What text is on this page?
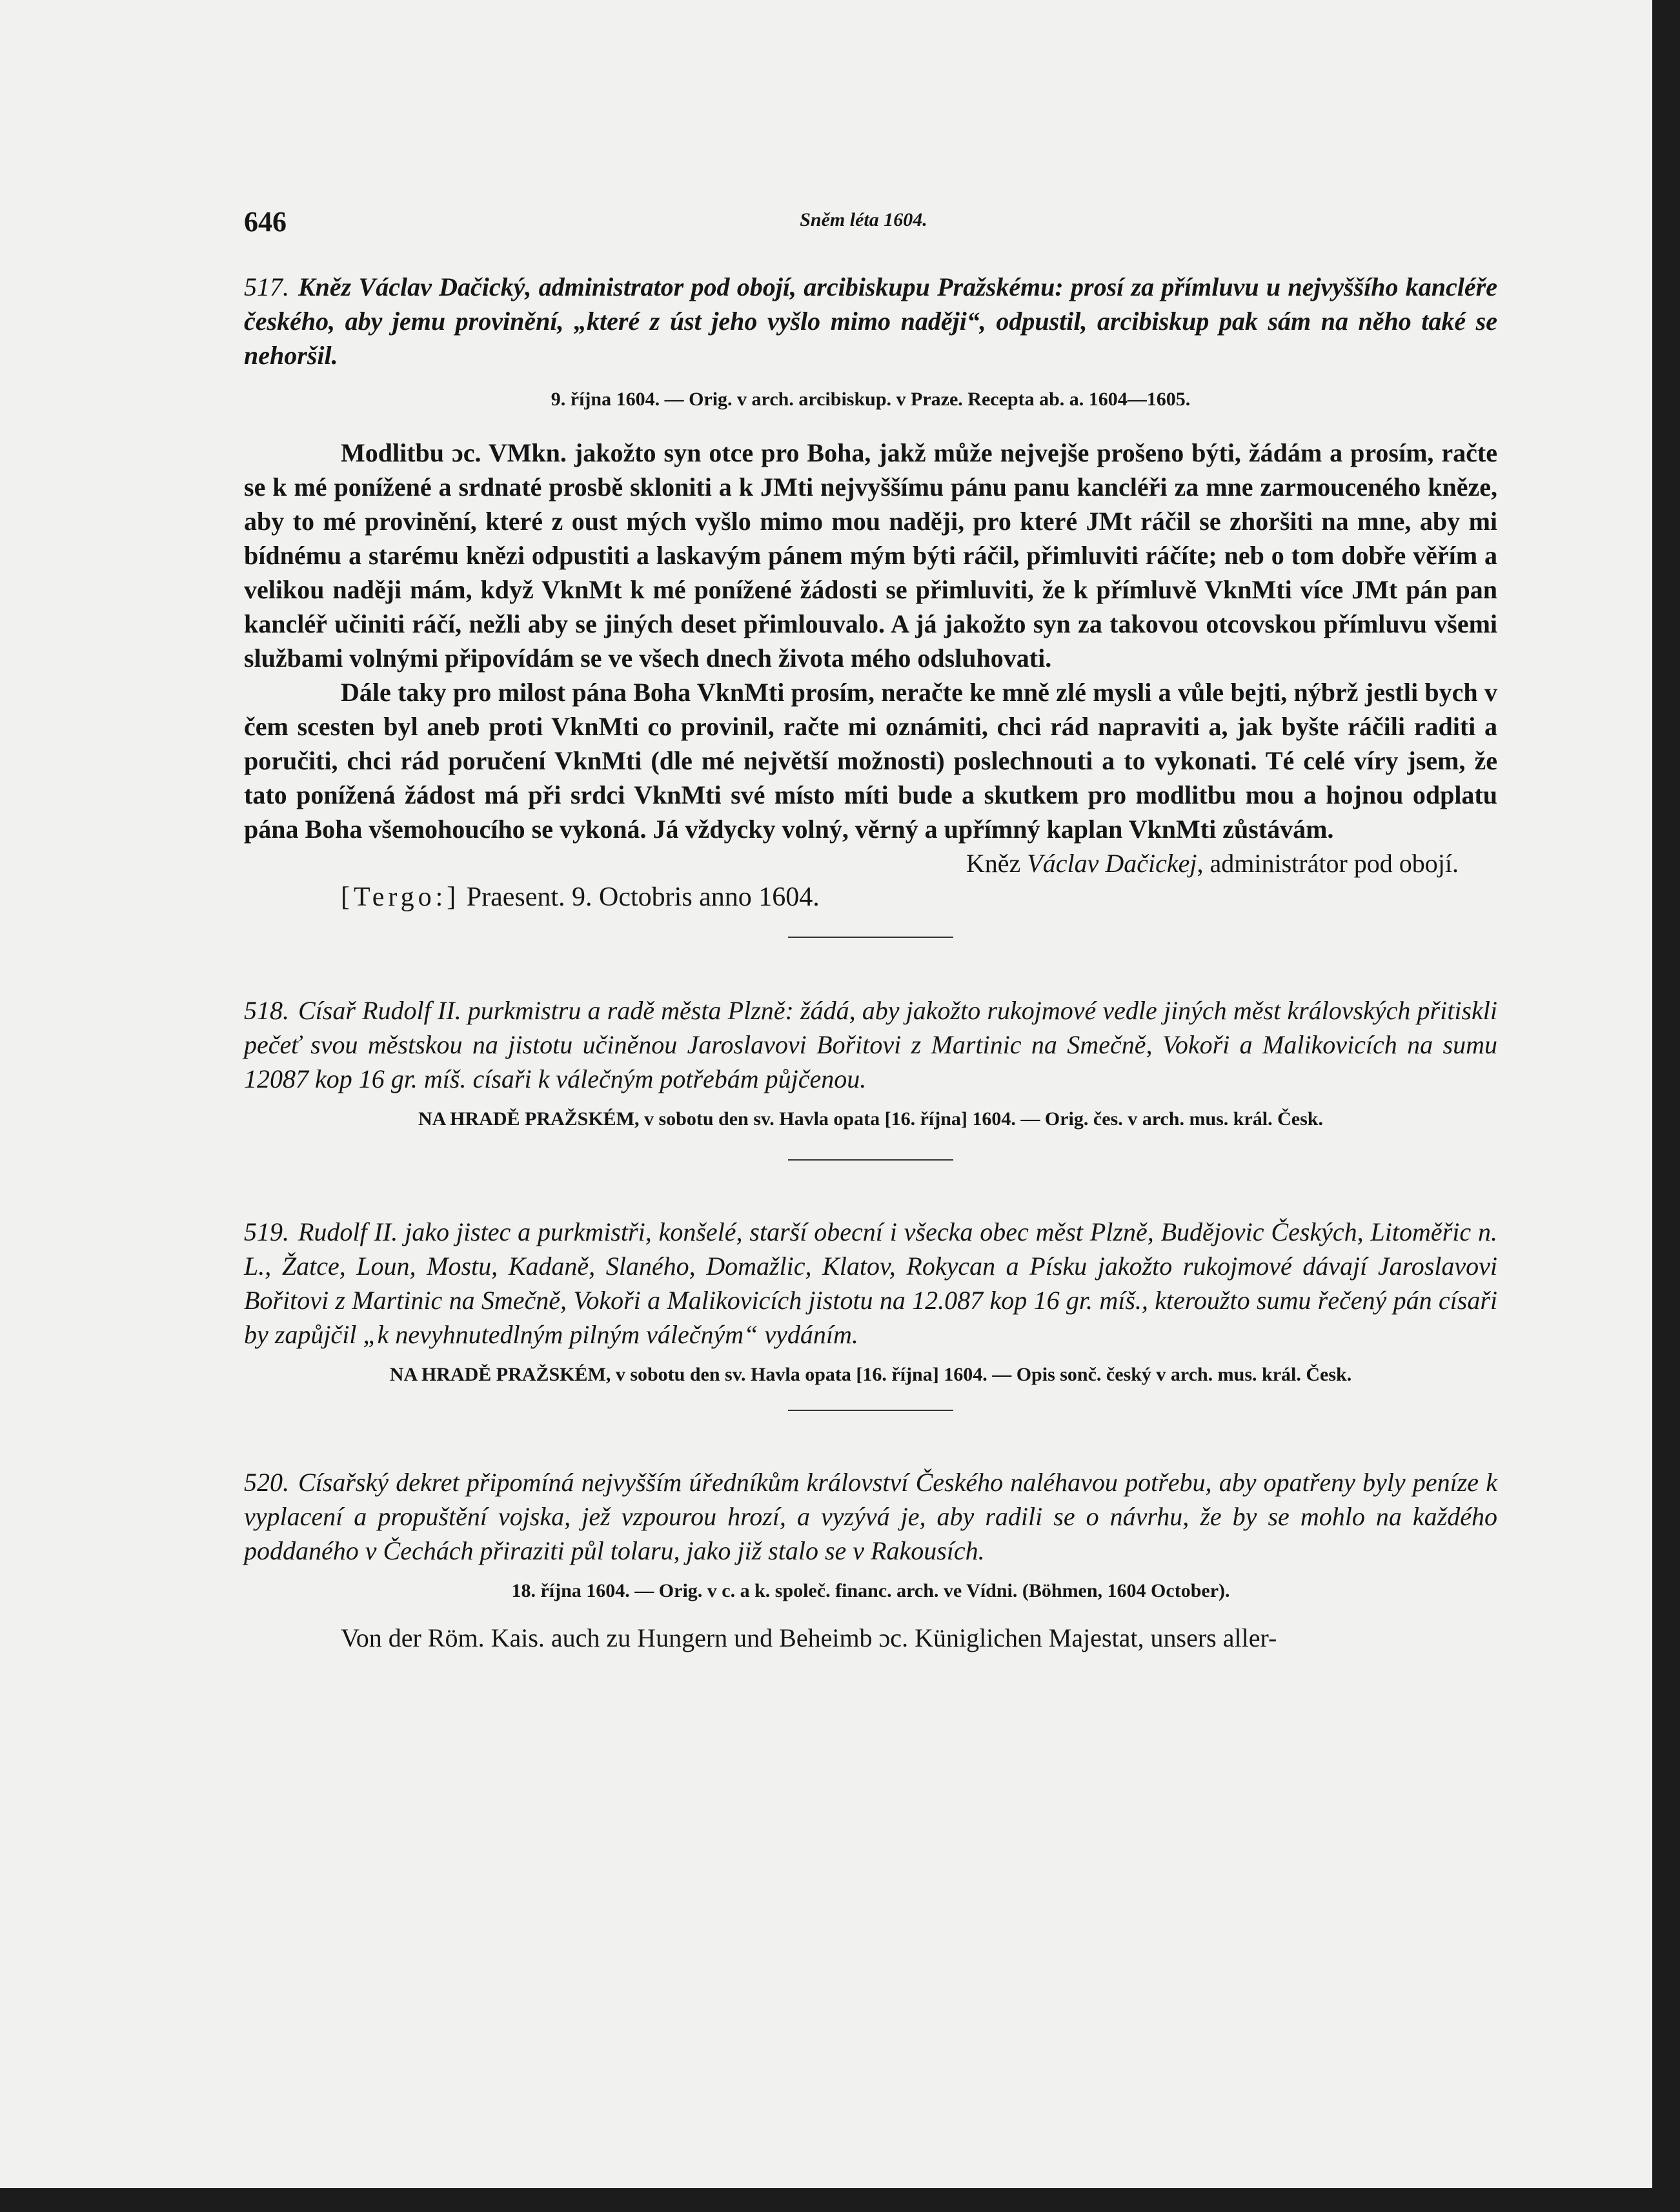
646	Sněm léta 1604.

517. Kněz Václav Dačický, administrator pod obojí, arcibiskupu Pražskému: prosí za přímluvu u nejvyššího kancléře českého, aby jemu provinění, „které z úst jeho vyšlo mimo naději“, odpustil, arcibiskup pak sám na něho také se nehoršil.

9. října 1604. — Orig. v arch. arcibiskup. v Praze. Recepta ab. a. 1604—1605.

Modlitbu ɔc. VMkn. jakožto syn otce pro Boha, jakž může nejvejše prošeno býti, žádám a prosím, račte se k mé ponížené a srdnaté prosbě skloniti a k JMti nejvyššímu pánu panu kancléři za mne zarmouceného kněze, aby to mé provinění, které z oust mých vyšlo mimo mou naději, pro které JMt ráčil se zhoršiti na mne, aby mi bídnému a starému knězi odpustiti a laskavým pánem mým býti ráčil, přimluviti ráčíte; neb o tom dobře věřím a velikou naději mám, když VknMt k mé ponížené žádosti se přimluviti, že k přímluvě VknMti více JMt pán pan kancléř učiniti ráčí, nežli aby se jiných deset přimlouvalo. A já jakožto syn za takovou otcovskou přímluvu všemi službami volnými připovídám se ve všech dnech života mého odsluhovati.

Dále taky pro milost pána Boha VknMti prosím, neračte ke mně zlé mysli a vůle bejti, nýbrž jestli bych v čem scesten byl aneb proti VknMti co provinil, račte mi oznámiti, chci rád napraviti a, jak byšte ráčili raditi a poručiti, chci rád poručení VknMti (dle mé největší možnosti) poslechnouti a to vykonati. Té celé víry jsem, že tato ponížená žádost má při srdci VknMti své místo míti bude a skutkem pro modlitbu mou a hojnou odplatu pána Boha všemohoucího se vykoná. Já vždycky volný, věrný a upřímný kaplan VknMti zůstávám.

Kněz Václav Dačickej, administrátor pod obojí.

[Tergo:] Praesent. 9. Octobris anno 1604.

518. Císař Rudolf II. purkmistru a radě města Plzně: žádá, aby jakožto rukojmové vedle jiných měst královských přitiskli pečeť svou městskou na jistotu učiněnou Jaroslavovi Bořitovi z Martinic na Smečně, Vokoři a Malikovicích na sumu 12087 kop 16 gr. míš. císaři k válečným potřebám půjčenou.

NA HRADĚ PRAŽSKÉM, v sobotu den sv. Havla opata [16. října] 1604. — Orig. čes. v arch. mus. král. Česk.

519. Rudolf II. jako jistec a purkmistři, konšelé, starší obecní i všecka obec měst Plzně, Budějovic Českých, Litoměřic n. L., Žatce, Loun, Mostu, Kadaně, Slaného, Domažlic, Klatov, Rokycan a Písku jakožto rukojmové dávají Jaroslavovi Bořitovi z Martinic na Smečně, Vokoři a Malikovicích jistotu na 12.087 kop 16 gr. míš., kteroužto sumu řečený pán císaři by zapůjčil „k nevyhnutedlným pilným válečným“ vydáním.

NA HRADĚ PRAŽSKÉM, v sobotu den sv. Havla opata [16. října] 1604. — Opis sonč. český v arch. mus. král. Česk.

520. Císařský dekret připomíná nejvyšším úředníkům království Českého naléhavou potřebu, aby opatřeny byly peníze k vyplacení a propuštění vojska, jež vzpourou hrozí, a vyzývá je, aby radili se o návrhu, že by se mohlo na každého poddaného v Čechách přiraziti půl tolaru, jako již stalo se v Rakousích.

18. října 1604. — Orig. v c. a k. společ. financ. arch. ve Vídni. (Böhmen, 1604 October).

Von der Röm. Kais. auch zu Hungern und Beheimb ɔc. Küniglichen Majestat, unsers aller-
